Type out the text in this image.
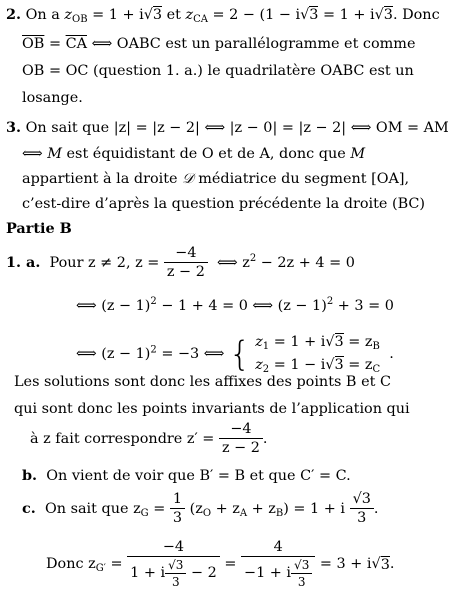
2. On a $z_{OB} = 1 + i√3$ et $z_{CA} = 2 - (1 - i√3 = 1 + i√3$. Donc
$\overline{OB} = \overline{CA}$ ⟺ OABC est un parallélogramme et comme
OB = OC (question 1. a.) le quadrilatère OABC est un
losange.
3. On sait que |z| = |z − 2| ⟺ |z − 0| = |z − 2| ⟺ OM = AM
⟺ M est équidistant de O et de A, donc que M
appartient à la droite 𝒟 médiatrice du segment [OA],
c’est-dire d’après la question précédente la droite (BC)
Partie B
1. a. Pour z ≠ 2, $z = \frac{-4}{z - 2}$ ⟺ $z^2 - 2z + 4 = 0$
⟺ $(z - 1)^2 - 1 + 4 = 0$ ⟺ $(z - 1)^2 + 3 = 0$
⟺ $(z - 1)^2 = -3$ ⟺ { $z_1 = 1 + i√3 = z_B$
$z_2 = 1 - i√3 = z_C$
.
Les solutions sont donc les affixes des points B et C
qui sont donc les points invariants de l’application qui
à z fait correspondre $z' = \frac{-4}{z - 2}$ .
b. On vient de voir que B′ = B et que C′ = C.
c. On sait que $z_G = \frac{1}{3} (z_O + z_A + z_B) = 1 + i \frac{√3}{3}$ .
Donc $z_{G'} = \frac{-4}{1 + i \frac{√3}{3} - 2} = \frac{4}{-1 + i \frac{√3}{3}} = 3 + i√3$.
